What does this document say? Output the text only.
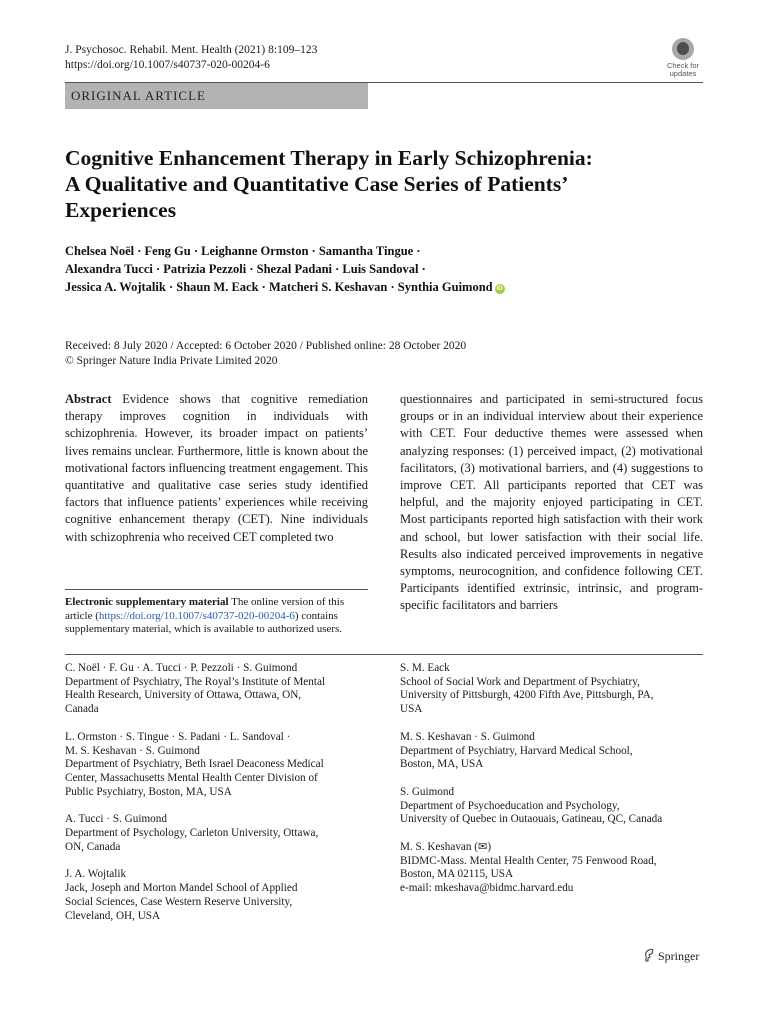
J. Psychosoc. Rehabil. Ment. Health (2021) 8:109–123
https://doi.org/10.1007/s40737-020-00204-6	Check for
updates
ORIGINAL ARTICLE
Cognitive Enhancement Therapy in Early Schizophrenia:
A Qualitative and Quantitative Case Series of Patients’
Experiences
Chelsea Noël · Feng Gu · Leighanne Ormston · Samantha Tingue ·
Alexandra Tucci · Patrizia Pezzoli · Shezal Padani · Luis Sandoval ·
Jessica A. Wojtalik · Shaun M. Eack · Matcheri S. Keshavan · Synthia Guimond iD
Received: 8 July 2020 / Accepted: 6 October 2020 / Published online: 28 October 2020
© Springer Nature India Private Limited 2020
Abstract Evidence shows that cognitive remediation therapy improves cognition in individuals with schizophrenia. However, its broader impact on patients’ lives remains unclear. Furthermore, little is known about the motivational factors influencing treatment engagement. This quantitative and qualitative case series study identified factors that influence patients’ experiences while receiving cognitive enhancement therapy (CET). Nine individuals with schizophrenia who received CET completed two
questionnaires and participated in semi-structured focus groups or in an individual interview about their experience with CET. Four deductive themes were assessed when analyzing responses: (1) perceived impact, (2) motivational facilitators, (3) motivational barriers, and (4) suggestions to improve CET. All participants reported that CET was helpful, and the majority enjoyed participating in CET. Most participants reported high satisfaction with their work and school, but lower satisfaction with their social life. Results also indicated perceived improvements in negative symptoms, neurocognition, and confidence following CET. Participants identified extrinsic, intrinsic, and program-specific facilitators and barriers
Electronic supplementary material The online version of this article (https://doi.org/10.1007/s40737-020-00204-6) contains supplementary material, which is available to authorized users.
C. Noël · F. Gu · A. Tucci · P. Pezzoli · S. Guimond
Department of Psychiatry, The Royal’s Institute of Mental
Health Research, University of Ottawa, Ottawa, ON,
Canada
L. Ormston · S. Tingue · S. Padani · L. Sandoval ·
M. S. Keshavan · S. Guimond
Department of Psychiatry, Beth Israel Deaconess Medical
Center, Massachusetts Mental Health Center Division of
Public Psychiatry, Boston, MA, USA
A. Tucci · S. Guimond
Department of Psychology, Carleton University, Ottawa,
ON, Canada
J. A. Wojtalik
Jack, Joseph and Morton Mandel School of Applied
Social Sciences, Case Western Reserve University,
Cleveland, OH, USA
S. M. Eack
School of Social Work and Department of Psychiatry,
University of Pittsburgh, 4200 Fifth Ave, Pittsburgh, PA,
USA
M. S. Keshavan · S. Guimond
Department of Psychiatry, Harvard Medical School,
Boston, MA, USA
S. Guimond
Department of Psychoeducation and Psychology,
University of Quebec in Outaouais, Gatineau, QC, Canada
M. S. Keshavan (✉)
BIDMC-Mass. Mental Health Center, 75 Fenwood Road,
Boston, MA 02115, USA
e-mail: mkeshava@bidmc.harvard.edu
Springer
